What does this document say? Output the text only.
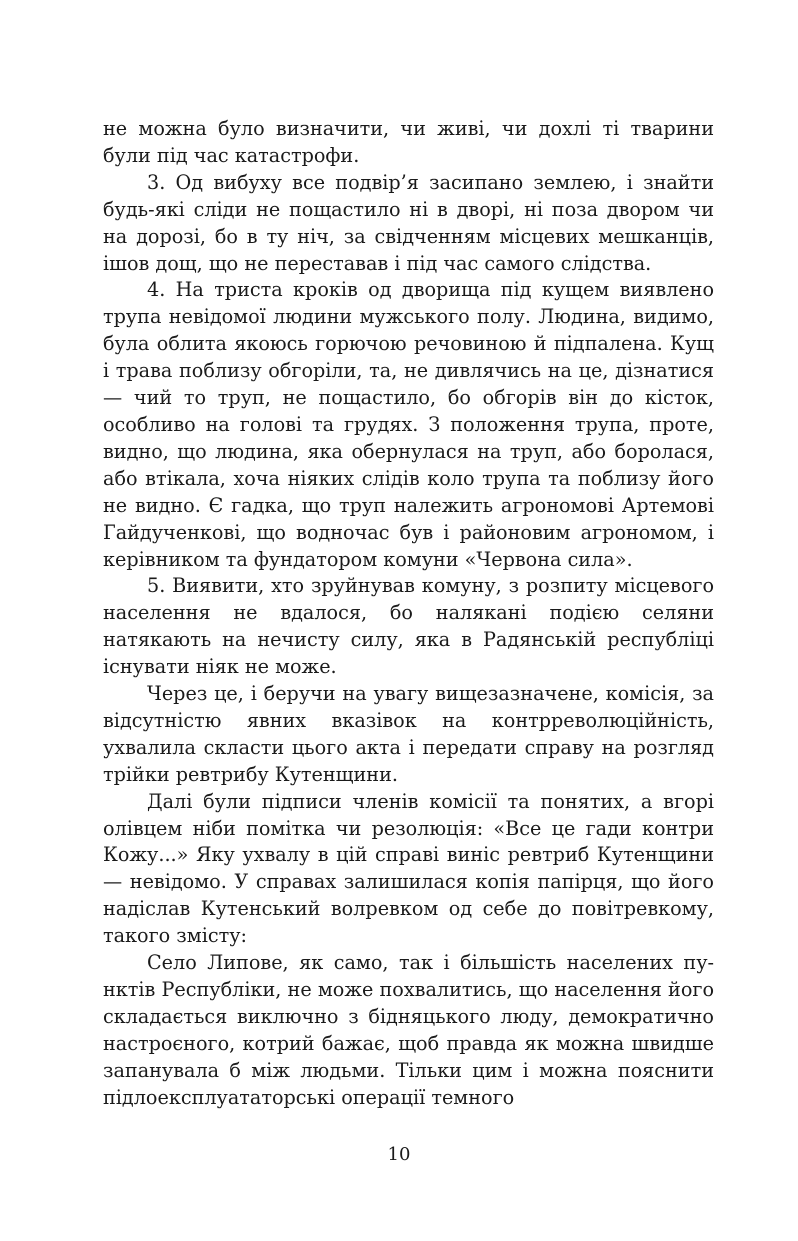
не можна було визначити, чи живі, чи дохлі ті тварини були під час катастрофи.

3. Од вибуху все подвір’я засипано землею, і знайти будь-які сліди не пощастило ні в дворі, ні поза двором чи на дорозі, бо в ту ніч, за свідченням місцевих мешканців, ішов дощ, що не переставав і під час самого слідства.

4. На триста кроків од дворища під кущем виявлено трупа невідомої людини мужського полу. Людина, видимо, була облита якоюсь горючою речовиною й підпалена. Кущ і трава поблизу обгоріли, та, не дивлячись на це, дізнатися — чий то труп, не пощастило, бо обгорів він до кісток, особливо на голові та грудях. З положення трупа, проте, видно, що людина, яка обернулася на труп, або боролася, або втікала, хоча ніяких слідів коло трупа та поблизу його не видно. Є гадка, що труп належить агрономові Артемові Гайдученкові, що водночас був і районовим агрономом, і керівником та фундатором комуни «Червона сила».

5. Виявити, хто зруйнував комуну, з розпиту місцевого населення не вдалося, бо налякані подією селяни натякають на нечисту силу, яка в Радянській республіці існувати ніяк не може.

Через це, і беручи на увагу вищезазначене, комісія, за відсутністю явних вказівок на контрреволюційність, ухвалила скласти цього акта і передати справу на розгляд трійки ревтрибу Кутенщини.

Далі були підписи членів комісії та понятих, а вгорі олівцем ніби помітка чи резолюція: «Все це гади контри Кожу...» Яку ухвалу в цій справі виніс ревтриб Кутенщини — невідомо. У справах залишилася копія папірця, що його надіслав Кутенський волревком од себе до повітревкому, такого змісту:

Село Липове, як само, так і більшість населених пунктів Республіки, не може похвалитись, що населення його складається виключно з бідняцького люду, демократично настроєного, котрий бажає, щоб правда як можна швидше запанувала б між людьми. Тільки цим і можна пояснити підлоексплуататорські операції темного

10
